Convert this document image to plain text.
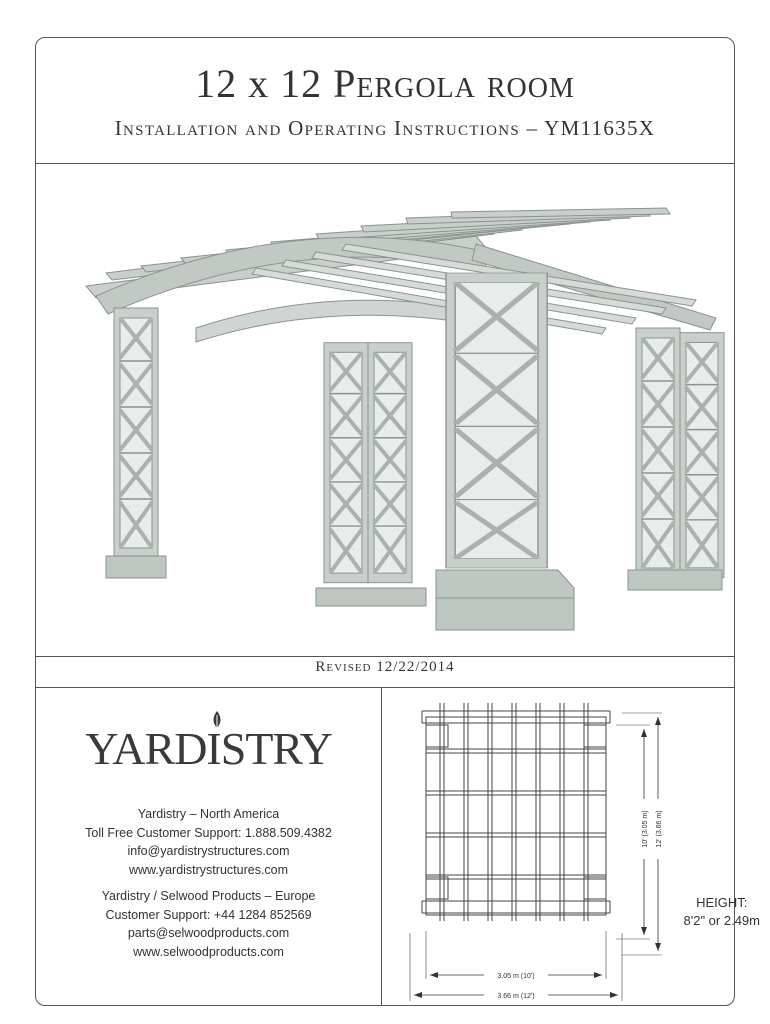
12 x 12 Pergola room
Installation and Operating Instructions – YM11635X
Revised 12/22/2014
YARDISTRY
Yardistry – North America
Toll Free Customer Support: 1.888.509.4382
info@yardistrystructures.com
www.yardistrystructures.com
Yardistry / Selwood Products – Europe
Customer Support: +44 1284 852569
parts@selwoodproducts.com
www.selwoodproducts.com
3.05 m (10')
3.66 m (12')
10' (3.05 m) 12' (3.66 m)
HEIGHT:
8'2" or 2.49m
